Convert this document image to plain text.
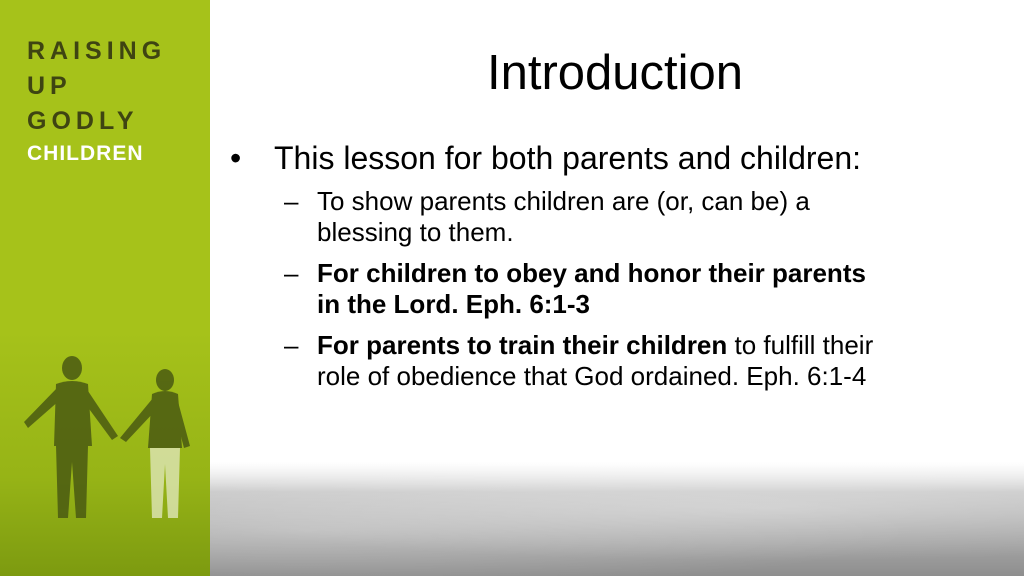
RAISING
UP
GODLY
CHILDREN
Introduction
• This lesson for both parents and children:
– To show parents children are (or, can be) a blessing to them.
– For children to obey and honor their parents in the Lord. Eph. 6:1-3
– For parents to train their children to fulfill their role of obedience that God ordained. Eph. 6:1-4
